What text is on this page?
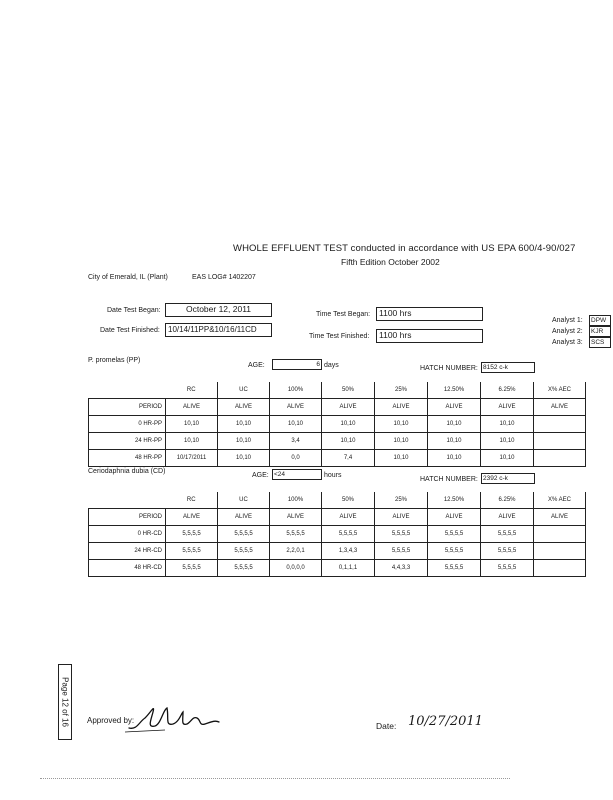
WHOLE EFFLUENT TEST conducted in accordance with US EPA 600/4-90/027
Fifth Edition October 2002
City of Emerald, IL (Plant)	EAS LOG# 1402207
Date Test Began:	October 12, 2011
Date Test Finished:	10/14/11PP&10/16/11CD
Time Test Began:	1100 hrs
Time Test Finished:	1100 hrs
Analyst 1:	DPW
Analyst 2:	KJR
Analyst 3:	SCS
P. promelas (PP)
AGE:	6 days	HATCH NUMBER: 8152 c-k
	RC	UC	100%	50%	25%	12.50%	6.25%	X% AEC
PERIOD	ALIVE	ALIVE	ALIVE	ALIVE	ALIVE	ALIVE	ALIVE	ALIVE
0 HR-PP	10,10	10,10	10,10	10,10	10,10	10,10	10,10	
24 HR-PP	10,10	10,10	3,4	10,10	10,10	10,10	10,10	
48 HR-PP	10/17/2011	10,10	0,0	7,4	10,10	10,10	10,10	
Ceriodaphnia dubia (CD)
AGE: <24	hours
HATCH NUMBER: 2392 c-k
	RC	UC	100%	50%	25%	12.50%	6.25%	X% AEC
PERIOD	ALIVE	ALIVE	ALIVE	ALIVE	ALIVE	ALIVE	ALIVE	ALIVE
0 HR-CD	5,5,5,5	5,5,5,5	5,5,5,5	5,5,5,5	5,5,5,5	5,5,5,5	5,5,5,5	
24 HR-CD	5,5,5,5	5,5,5,5	2,2,0,1	1,3,4,3	5,5,5,5	5,5,5,5	5,5,5,5	
48 HR-CD	5,5,5,5	5,5,5,5	0,0,0,0	0,1,1,1	4,4,3,3	5,5,5,5	5,5,5,5	
Page 12 of 16 Approved by:
Date: 10/27/2011
